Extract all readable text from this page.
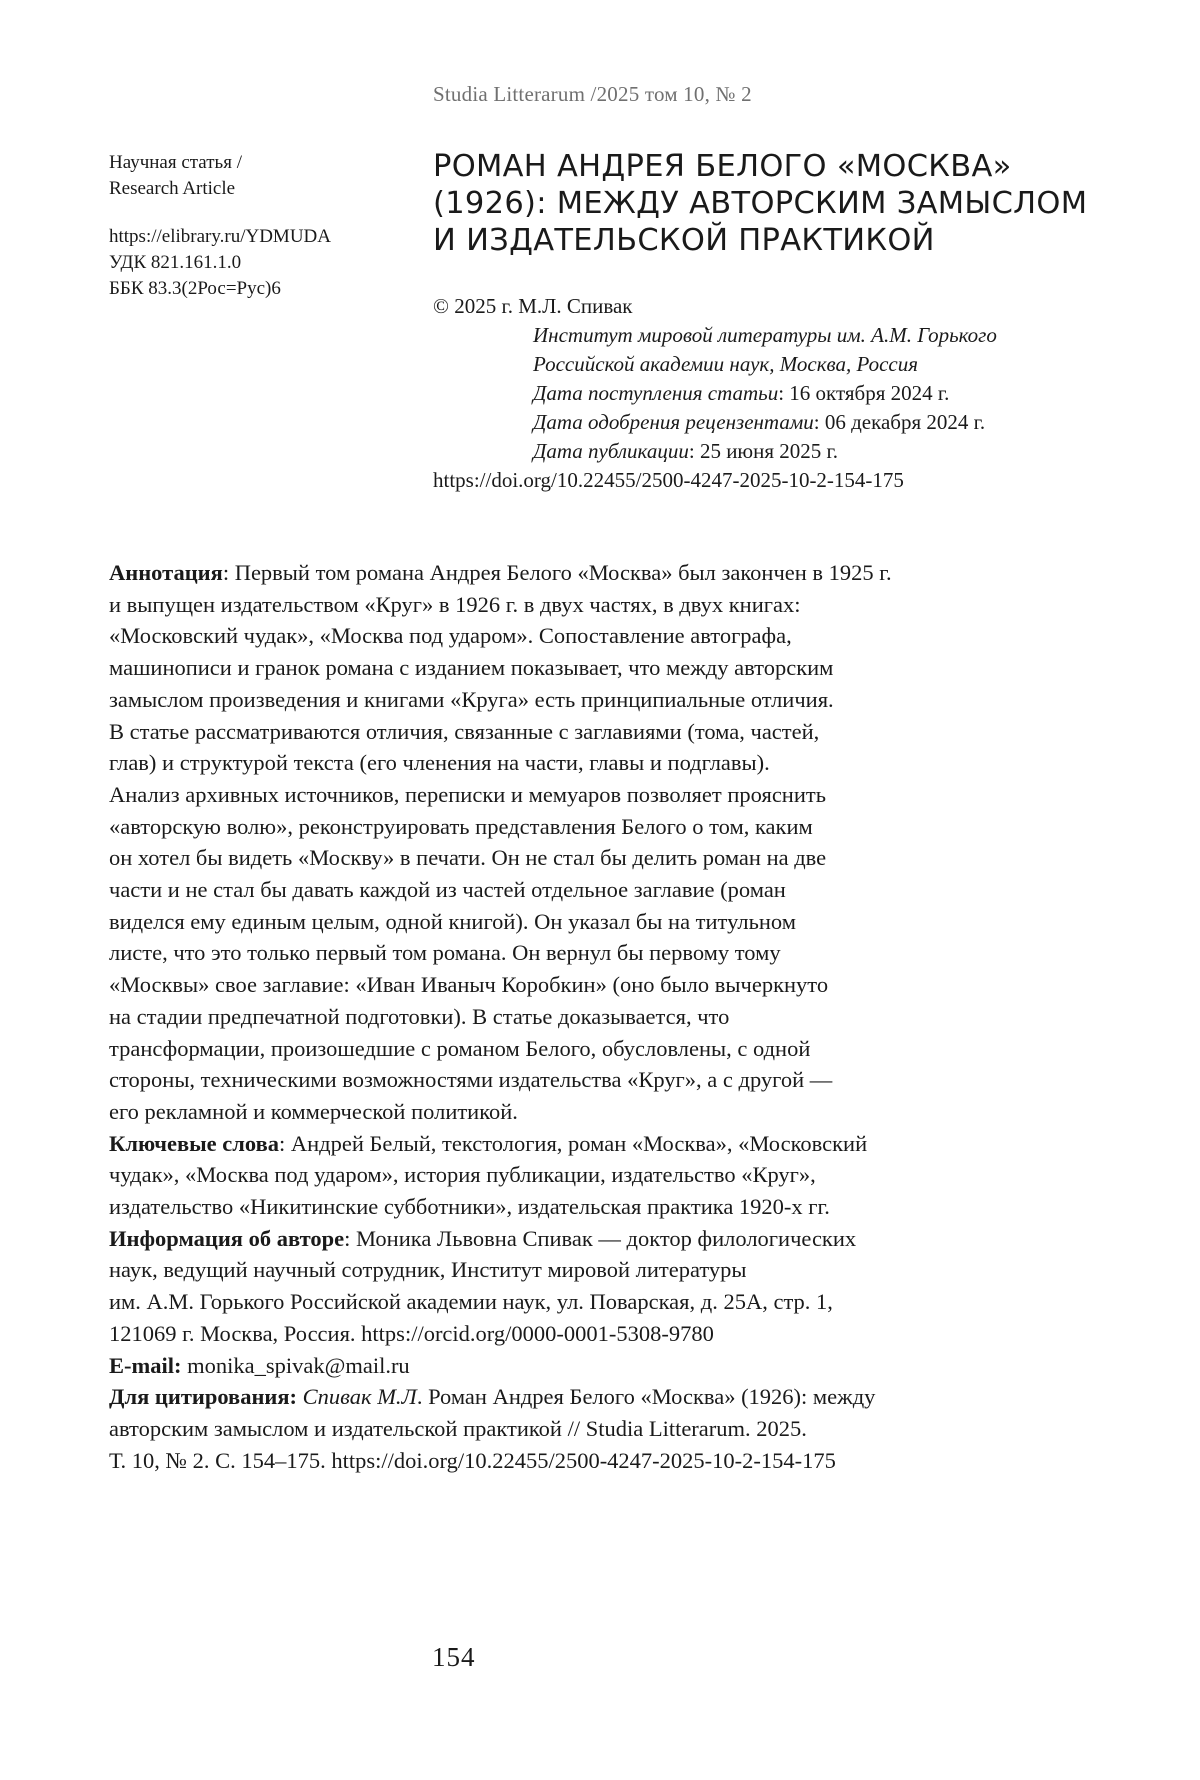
Studia Litterarum /2025 том 10, № 2
Научная статья /
Research Article
https://elibrary.ru/YDMUDA
УДК 821.161.1.0
ББК 83.3(2Рос=Рус)6
РОМАН АНДРЕЯ БЕЛОГО «МОСКВА»
(1926): МЕЖДУ АВТОРСКИМ ЗАМЫСЛОМ
И ИЗДАТЕЛЬСКОЙ ПРАКТИКОЙ
© 2025 г. М.Л. Спивак
Институт мировой литературы им. А.М. Горького
Российской академии наук, Москва, Россия
Дата поступления статьи: 16 октября 2024 г.
Дата одобрения рецензентами: 06 декабря 2024 г.
Дата публикации: 25 июня 2025 г.
https://doi.org/10.22455/2500-4247-2025-10-2-154-175
Аннотация: Первый том романа Андрея Белого «Москва» был закончен в 1925 г.
и выпущен издательством «Круг» в 1926 г. в двух частях, в двух книгах:
«Московский чудак», «Москва под ударом». Сопоставление автографа,
машинописи и гранок романа с изданием показывает, что между авторским
замыслом произведения и книгами «Круга» есть принципиальные отличия.
В статье рассматриваются отличия, связанные с заглавиями (тома, частей,
глав) и структурой текста (его членения на части, главы и подглавы).
Анализ архивных источников, переписки и мемуаров позволяет прояснить
«авторскую волю», реконструировать представления Белого о том, каким
он хотел бы видеть «Москву» в печати. Он не стал бы делить роман на две
части и не стал бы давать каждой из частей отдельное заглавие (роман
виделся ему единым целым, одной книгой). Он указал бы на титульном
листе, что это только первый том романа. Он вернул бы первому тому
«Москвы» свое заглавие: «Иван Иваныч Коробкин» (оно было вычеркнуто
на стадии предпечатной подготовки). В статье доказывается, что
трансформации, произошедшие с романом Белого, обусловлены, с одной
стороны, техническими возможностями издательства «Круг», а с другой —
его рекламной и коммерческой политикой.
Ключевые слова: Андрей Белый, текстология, роман «Москва», «Московский
чудак», «Москва под ударом», история публикации, издательство «Круг»,
издательство «Никитинские субботники», издательская практика 1920-х гг.
Информация об авторе: Моника Львовна Спивак — доктор филологических
наук, ведущий научный сотрудник, Институт мировой литературы
им. А.М. Горького Российской академии наук, ул. Поварская, д. 25А, стр. 1,
121069 г. Москва, Россия. https://orcid.org/0000-0001-5308-9780
E-mail: monika_spivak@mail.ru
Для цитирования: Спивак М.Л. Роман Андрея Белого «Москва» (1926): между
авторским замыслом и издательской практикой // Studia Litterarum. 2025.
Т. 10, № 2. С. 154–175. https://doi.org/10.22455/2500-4247-2025-10-2-154-175
154
